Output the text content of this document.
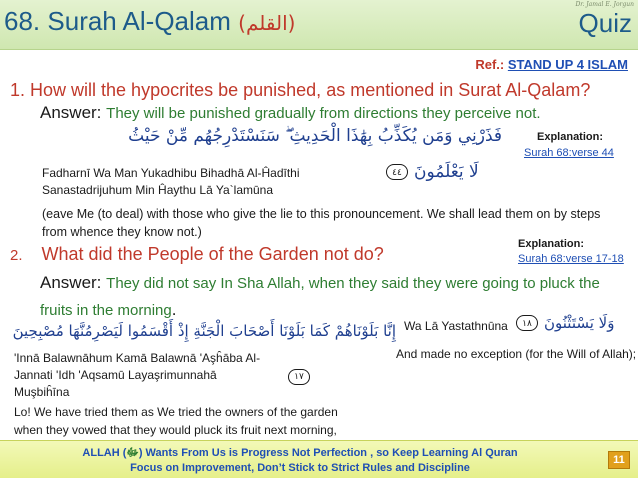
Dr. Jamal E. Jorgun
68. Surah Al-Qalam (القلم)	Quiz
Ref.: STAND UP 4 ISLAM
1. How will the hypocrites be punished, as mentioned in Surat Al-Qalam?
Answer: They will be punished gradually from directions they perceive not.
فَذَرْنِي وَمَن يُكَذِّبُ بِهَٰذَا الْحَدِيثِ ۖ سَنَسْتَدْرِجُهُم مِّنْ حَيْثُ	Explanation:
Surah 68:verse 44
Fadharnī Wa Man Yukadhibu Bihadhā Al-Ĥadīthi Sanastadrijuhum Min Ĥaythu Lā Ya`lamūna
٤٤ لَا يَعْلَمُونَ
(eave Me (to deal) with those who give the lie to this pronouncement. We shall lead them on by steps from whence they know not.)
Explanation:
Surah 68:verse 17-18
2. What did the People of the Garden not do?
Answer: They did not say In Sha Allah, when they said they were going to pluck the fruits in the morning.
إِنَّا بَلَوْنَاهُمْ كَمَا بَلَوْنَا أَصْحَابَ الْجَنَّةِ إِذْ أَقْسَمُوا لَيَصْرِمُنَّهَا مُصْبِحِينَ
'Innā Balawnāhum Kamā Balawnā 'Aşĥāba Al-Jannati 'Idh 'Aqsamū Layaşrimunnahā Muşbiĥīna
١٧
Lo! We have tried them as We tried the owners of the garden when they vowed that they would pluck its fruit next morning,
Wa Lā Yastathnūna	١٨ وَلَا يَسْتَثْنُونَ
And made no exception (for the Will of Allah);
ALLAH (ﷻ) Wants From Us is Progress Not Perfection , so Keep Learning Al Quran
Focus on Improvement, Don’t Stick to Strict Rules and Discipline
11
